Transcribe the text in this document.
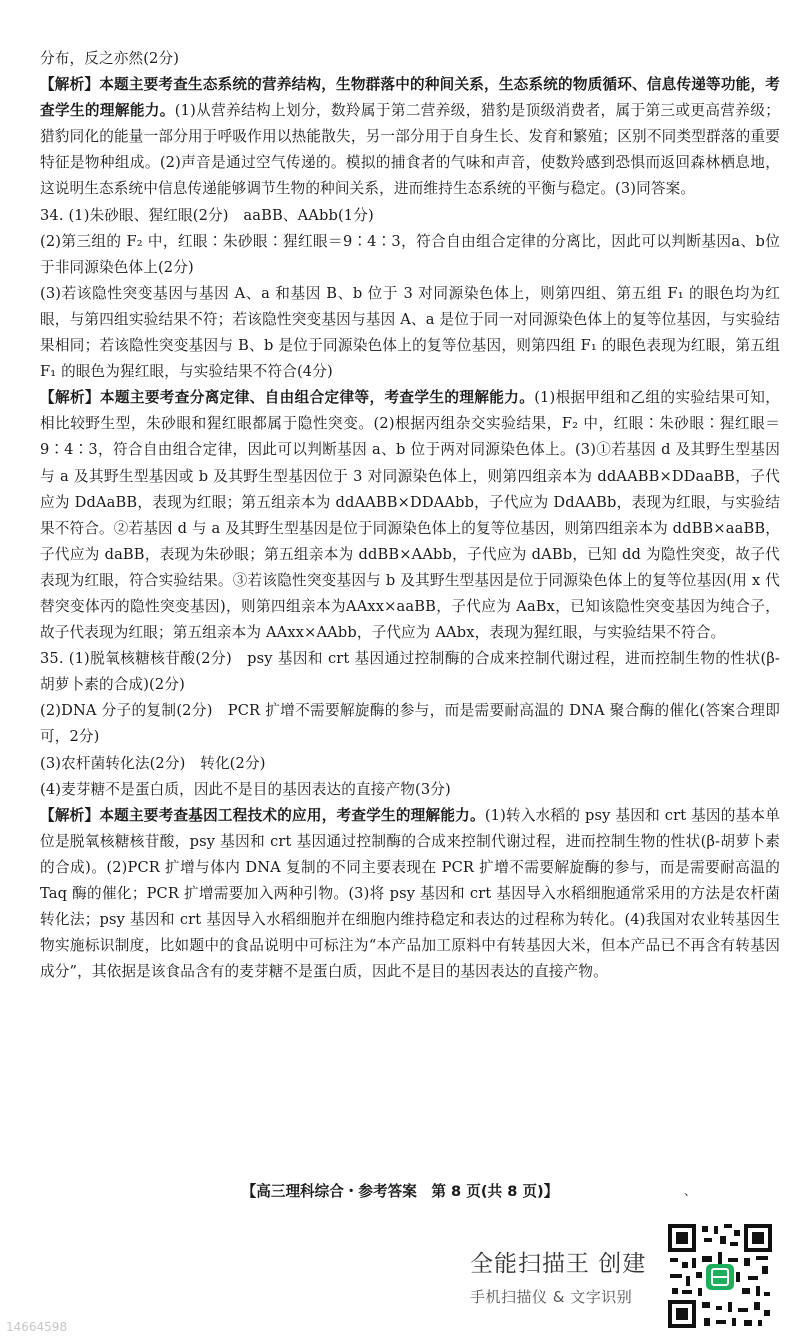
分布，反之亦然(2分)

【解析】本题主要考查生态系统的营养结构，生物群落中的种间关系，生态系统的物质循环、信息传递等功能，考查学生的理解能力。(1)从营养结构上划分，数羚属于第二营养级，猎豹是顶级消费者，属于第三或更高营养级；猎豹同化的能量一部分用于呼吸作用以热能散失，另一部分用于自身生长、发育和繁殖；区别不同类型群落的重要特征是物种组成。(2)声音是通过空气传递的。模拟的捕食者的气味和声音，使数羚感到恐惧而返回森林栖息地，这说明生态系统中信息传递能够调节生物的种间关系，进而维持生态系统的平衡与稳定。(3)同答案。

34. (1)朱砂眼、猩红眼(2分)　aaBB、AAbb(1分)

(2)第三组的 F₂ 中，红眼∶朱砂眼∶猩红眼＝9∶4∶3，符合自由组合定律的分离比，因此可以判断基因a、b位于非同源染色体上(2分)

(3)若该隐性突变基因与基因 A、a 和基因 B、b 位于 3 对同源染色体上，则第四组、第五组 F₁ 的眼色均为红眼，与第四组实验结果不符；若该隐性突变基因与基因 A、a 是位于同一对同源染色体上的复等位基因，与实验结果相同；若该隐性突变基因与 B、b 是位于同源染色体上的复等位基因，则第四组 F₁ 的眼色表现为红眼，第五组 F₁ 的眼色为猩红眼，与实验结果不符合(4分)

【解析】本题主要考查分离定律、自由组合定律等，考查学生的理解能力。(1)根据甲组和乙组的实验结果可知，相比较野生型，朱砂眼和猩红眼都属于隐性突变。(2)根据丙组杂交实验结果，F₂ 中，红眼∶朱砂眼∶猩红眼＝9∶4∶3，符合自由组合定律，因此可以判断基因 a、b 位于两对同源染色体上。(3)①若基因 d 及其野生型基因与 a 及其野生型基因或 b 及其野生型基因位于 3 对同源染色体上，则第四组亲本为 ddAABB×DDaaBB，子代应为 DdAaBB，表现为红眼；第五组亲本为 ddAABB×DDAAbb，子代应为 DdAABb，表现为红眼，与实验结果不符合。②若基因 d 与 a 及其野生型基因是位于同源染色体上的复等位基因，则第四组亲本为 ddBB×aaBB，子代应为 daBB，表现为朱砂眼；第五组亲本为 ddBB×AAbb，子代应为 dABb，已知 dd 为隐性突变，故子代表现为红眼，符合实验结果。③若该隐性突变基因与 b 及其野生型基因是位于同源染色体上的复等位基因(用 x 代替突变体丙的隐性突变基因)，则第四组亲本为AAxx×aaBB，子代应为 AaBx，已知该隐性突变基因为纯合子，故子代表现为红眼；第五组亲本为 AAxx×AAbb，子代应为 AAbx，表现为猩红眼，与实验结果不符合。

35. (1)脱氧核糖核苷酸(2分)　psy 基因和 crt 基因通过控制酶的合成来控制代谢过程，进而控制生物的性状(β-胡萝卜素的合成)(2分)

(2)DNA 分子的复制(2分)　PCR 扩增不需要解旋酶的参与，而是需要耐高温的 DNA 聚合酶的催化(答案合理即可，2分)

(3)农杆菌转化法(2分)　转化(2分)

(4)麦芽糖不是蛋白质，因此不是目的基因表达的直接产物(3分)

【解析】本题主要考查基因工程技术的应用，考查学生的理解能力。(1)转入水稻的 psy 基因和 crt 基因的基本单位是脱氧核糖核苷酸，psy 基因和 crt 基因通过控制酶的合成来控制代谢过程，进而控制生物的性状(β-胡萝卜素的合成)。(2)PCR 扩增与体内 DNA 复制的不同主要表现在 PCR 扩增不需要解旋酶的参与，而是需要耐高温的 Taq 酶的催化；PCR 扩增需要加入两种引物。(3)将 psy 基因和 crt 基因导入水稻细胞通常采用的方法是农杆菌转化法；psy 基因和 crt 基因导入水稻细胞并在细胞内维持稳定和表达的过程称为转化。(4)我国对农业转基因生物实施标识制度，比如题中的食品说明中可标注为“本产品加工原料中有转基因大米，但本产品已不再含有转基因成分”，其依据是该食品含有的麦芽糖不是蛋白质，因此不是目的基因表达的直接产物。

【高三理科综合・参考答案　第 8 页(共 8 页)】	、
全能扫描王 创建
手机扫描仪 & 文字识别
14664598
